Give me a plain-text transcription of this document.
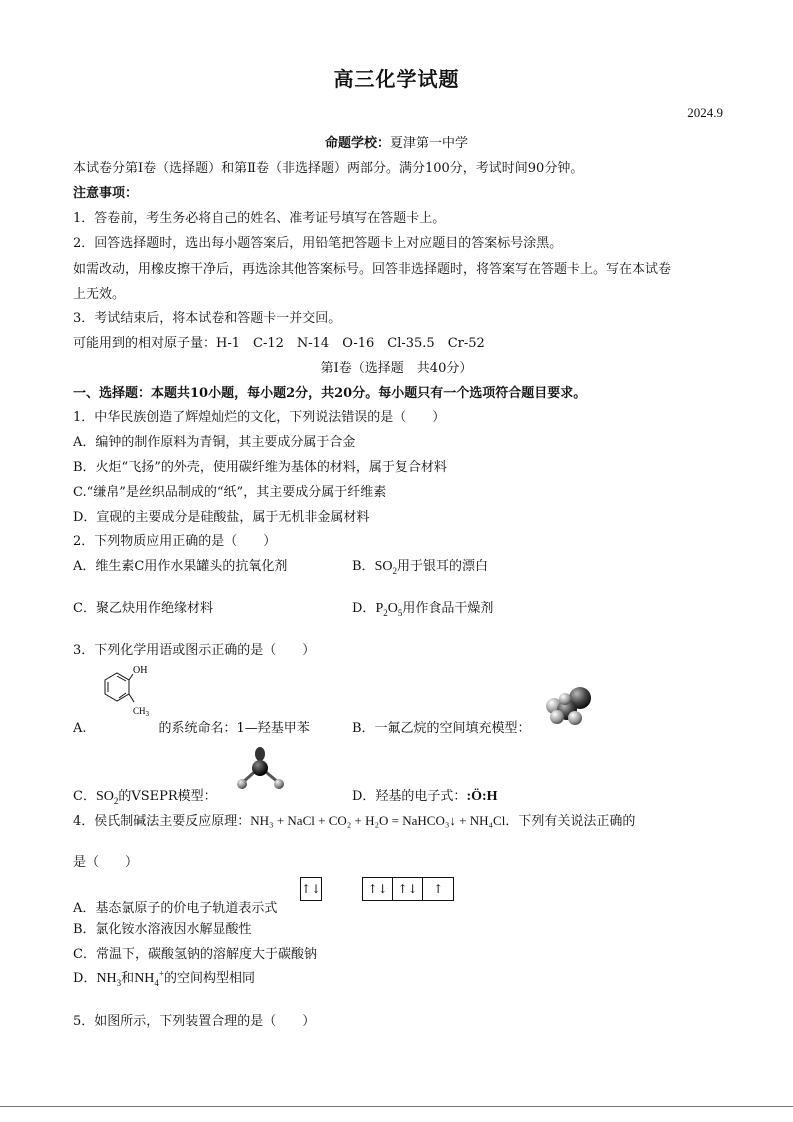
高三化学试题
2024.9
命题学校：夏津第一中学
本试卷分第Ⅰ卷（选择题）和第Ⅱ卷（非选择题）两部分。满分100分，考试时间90分钟。
注意事项：
1．答卷前，考生务必将自己的姓名、准考证号填写在答题卡上。
2．回答选择题时，选出每小题答案后，用铅笔把答题卡上对应题目的答案标号涂黑。
如需改动，用橡皮擦干净后，再选涂其他答案标号。回答非选择题时，将答案写在答题卡上。写在本试卷
上无效。
3．考试结束后，将本试卷和答题卡一并交回。
可能用到的相对原子量：H-1　C-12　N-14　O-16　Cl-35.5　Cr-52
第Ⅰ卷（选择题　共40分）
一、选择题：本题共10小题，每小题2分，共20分。每小题只有一个选项符合题目要求。
1．中华民族创造了辉煌灿烂的文化，下列说法错误的是（　　）
A．编钟的制作原料为青铜，其主要成分属于合金
B．火炬“飞扬”的外壳，使用碳纤维为基体的材料，属于复合材料
C.“缣帛”是丝织品制成的“纸”，其主要成分属于纤维素
D．宣砚的主要成分是硅酸盐，属于无机非金属材料
2．下列物质应用正确的是（　　）
A．维生素C用作水果罐头的抗氧化剂	B．$SO_2$用于银耳的漂白
C．聚乙炔用作绝缘材料	D．$P_2O_5$用作食品干燥剂
3．下列化学用语或图示正确的是（　　）
OH
$CH_3$
A.	的系统命名：1—羟基甲苯	B．一氟乙烷的空间填充模型：
C．$SO_2$的VSEPR模型：	D．羟基的电子式：:Ö:H
4．侯氏制碱法主要反应原理：NH₃ + NaCl + CO₂ + H₂O = NaHCO₃↓ + NH₄Cl．下列有关说法正确的
是（　　）
A．基态氯原子的价电子轨道表示式
↑↓	↑↓ ↑↓ ↑
B．氯化铵水溶液因水解显酸性
C．常温下，碳酸氢钠的溶解度大于碳酸钠
D．$NH_3$和$NH_4^+$的空间构型相同
5．如图所示，下列装置合理的是（　　）
